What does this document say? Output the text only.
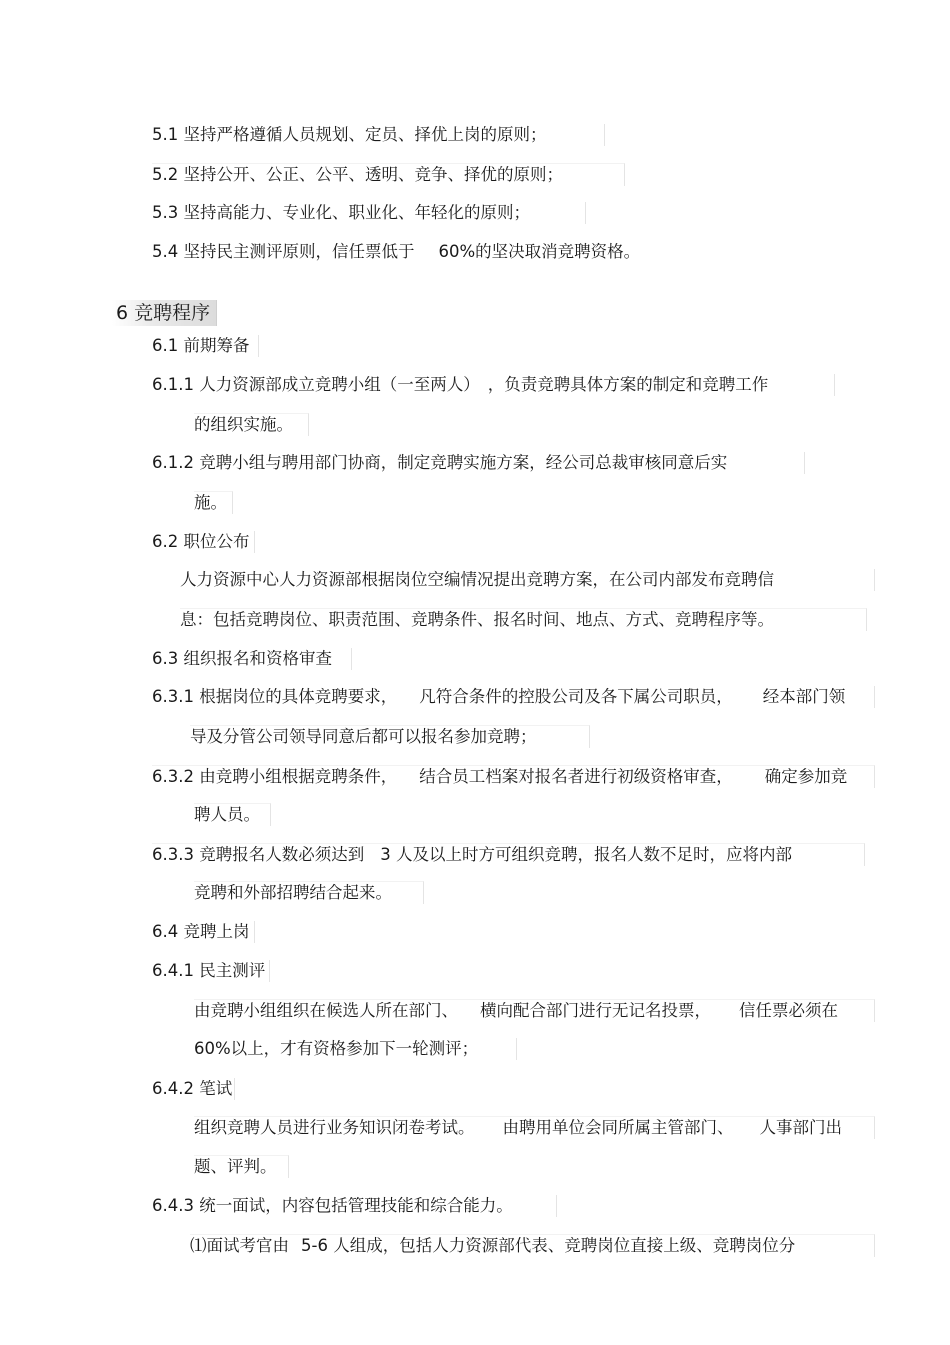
5.1 坚持严格遵循人员规划、定员、择优上岗的原则；
5.2 坚持公开、公正、公平、透明、竞争、择优的原则；
5.3 坚持高能力、专业化、职业化、年轻化的原则；
5.4 坚持民主测评原则，信任票低于 60%的坚决取消竞聘资格。
6 竞聘程序
6.1 前期筹备
6.1.1 人力资源部成立竞聘小组（一至两人） ，负责竞聘具体方案的制定和竞聘工作
的组织实施。
6.1.2 竞聘小组与聘用部门协商，制定竞聘实施方案，经公司总裁审核同意后实
施。
6.2 职位公布
人力资源中心人力资源部根据岗位空编情况提出竞聘方案，在公司内部发布竞聘信
息：包括竞聘岗位、职责范围、竞聘条件、报名时间、地点、方式、竞聘程序等。
6.3 组织报名和资格审查
6.3.1 根据岗位的具体竞聘要求， 凡符合条件的控股公司及各下属公司职员， 经本部门领
导及分管公司领导同意后都可以报名参加竞聘；
6.3.2 由竞聘小组根据竞聘条件， 结合员工档案对报名者进行初级资格审查， 确定参加竞
聘人员。
6.3.3 竞聘报名人数必须达到 3 人及以上时方可组织竞聘，报名人数不足时，应将内部
竞聘和外部招聘结合起来。
6.4 竞聘上岗
6.4.1 民主测评
由竞聘小组组织在候选人所在部门、 横向配合部门进行无记名投票， 信任票必须在
60%以上，才有资格参加下一轮测评；
6.4.2 笔试
组织竞聘人员进行业务知识闭卷考试。 由聘用单位会同所属主管部门、 人事部门出
题、评判。
6.4.3 统一面试，内容包括管理技能和综合能力。
⑴面试考官由 5-6 人组成，包括人力资源部代表、竞聘岗位直接上级、竞聘岗位分
